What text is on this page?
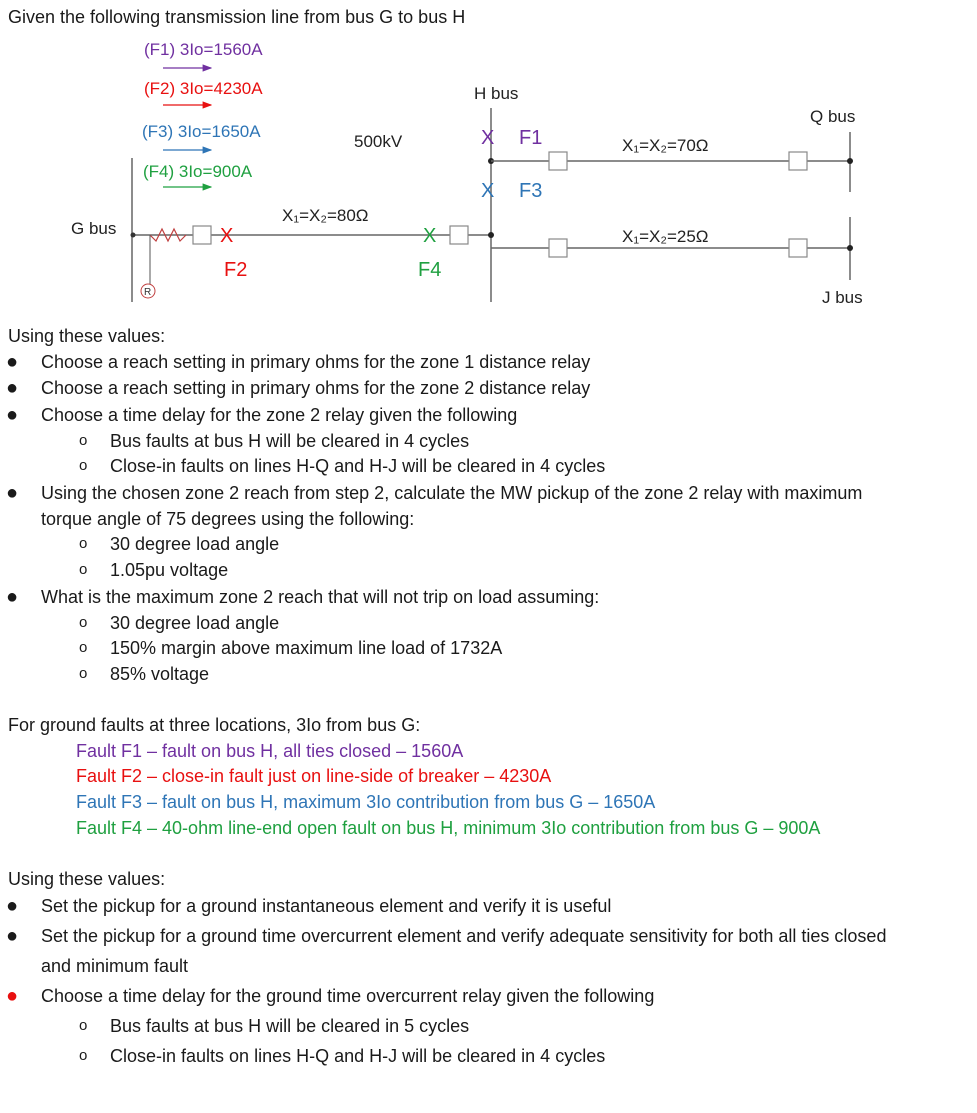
Given the following transmission line from bus G to bus H
(F1) 3Io=1560A
(F2) 3Io=4230A
(F3) 3Io=1650A
(F4) 3Io=900A
G bus
R
X
F2
X₁=X₂=80Ω
500kV
X
F4
H bus
X F1
X F3
X₁=X₂=70Ω
Q bus
X₁=X₂=25Ω
J bus
Using these values:
● Choose a reach setting in primary ohms for the zone 1 distance relay
● Choose a reach setting in primary ohms for the zone 2 distance relay
● Choose a time delay for the zone 2 relay given the following
o Bus faults at bus H will be cleared in 4 cycles
o Close-in faults on lines H-Q and H-J will be cleared in 4 cycles
● Using the chosen zone 2 reach from step 2, calculate the MW pickup of the zone 2 relay with maximum
torque angle of 75 degrees using the following:
o 30 degree load angle
o 1.05pu voltage
● What is the maximum zone 2 reach that will not trip on load assuming:
o 30 degree load angle
o 150% margin above maximum line load of 1732A
o 85% voltage
For ground faults at three locations, 3Io from bus G:
Fault F1 – fault on bus H, all ties closed – 1560A
Fault F2 – close-in fault just on line-side of breaker – 4230A
Fault F3 – fault on bus H, maximum 3Io contribution from bus G – 1650A
Fault F4 – 40-ohm line-end open fault on bus H, minimum 3Io contribution from bus G – 900A
Using these values:
● Set the pickup for a ground instantaneous element and verify it is useful
● Set the pickup for a ground time overcurrent element and verify adequate sensitivity for both all ties closed
and minimum fault
● Choose a time delay for the ground time overcurrent relay given the following
o Bus faults at bus H will be cleared in 5 cycles
o Close-in faults on lines H-Q and H-J will be cleared in 4 cycles
